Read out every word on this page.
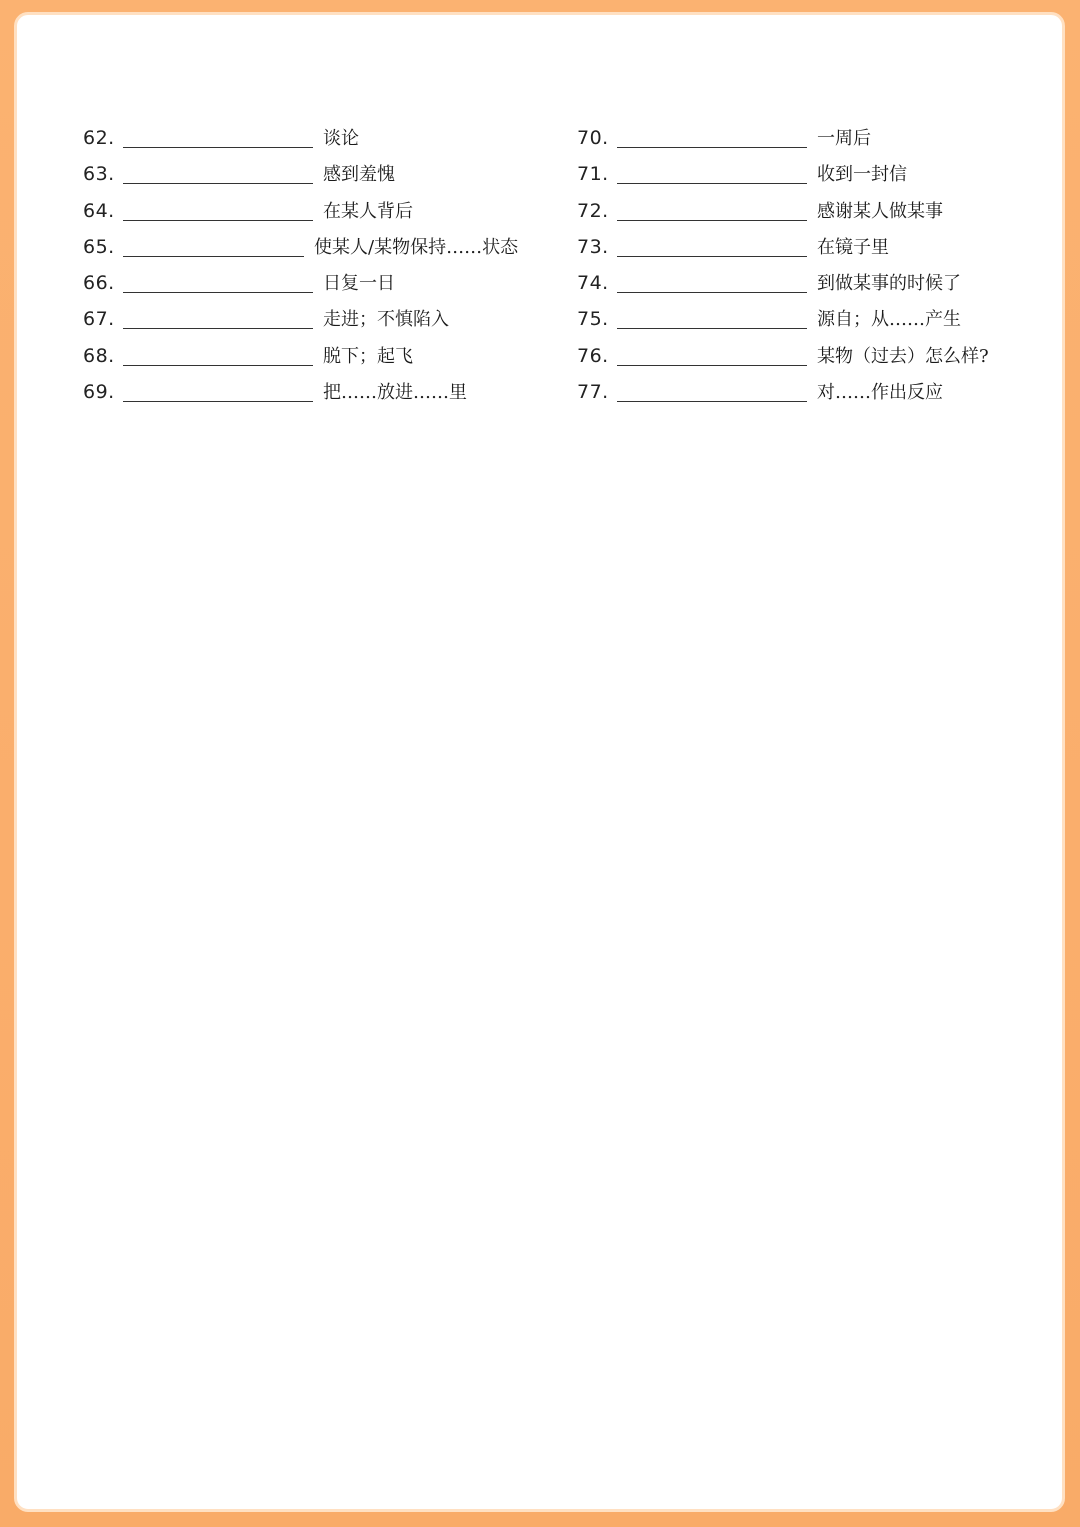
62.	谈论
63.	感到羞愧
64.	在某人背后
65.	使某人/某物保持……状态
66.	日复一日
67.	走进；不慎陷入
68.	脱下；起飞
69.	把……放进……里
70.	一周后
71.	收到一封信
72.	感谢某人做某事
73.	在镜子里
74.	到做某事的时候了
75.	源自；从……产生
76.	某物（过去）怎么样?
77.	对……作出反应
